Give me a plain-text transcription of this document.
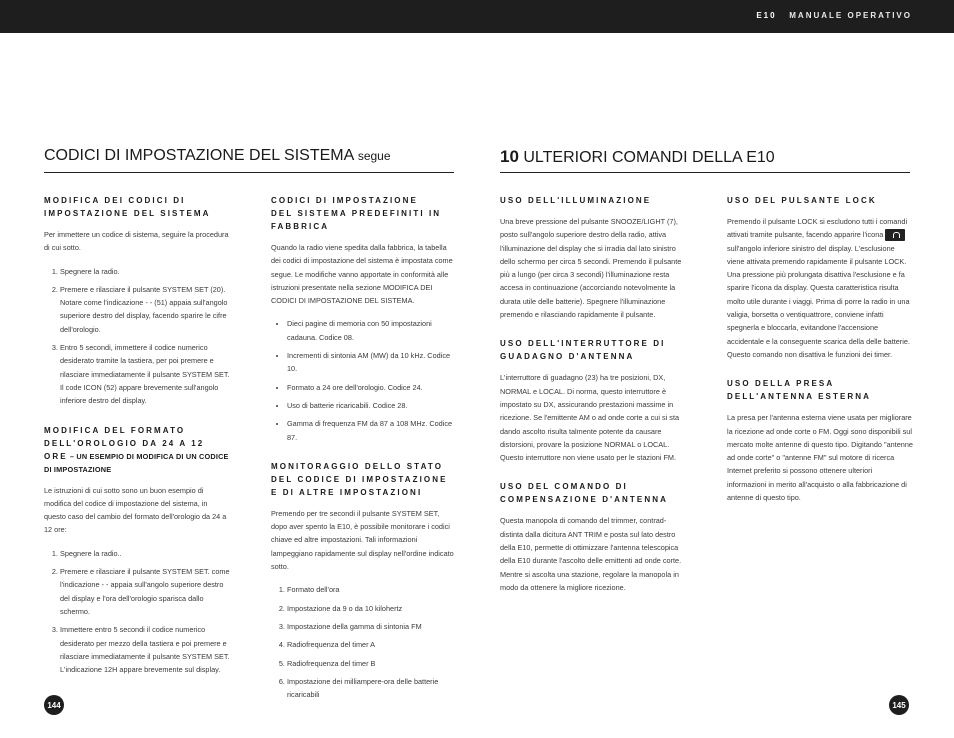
E10 MANUALE OPERATIVO
CODICI DI IMPOSTAZIONE DEL SISTEMA segue	10 ULTERIORI COMANDI DELLA E10
MODIFICA DEI CODICI DI
IMPOSTAZIONE DEL SISTEMA

Per immettere un codice di sistema, seguire la procedura di cui sotto.

1. Spegnere la radio.
2. Premere e rilasciare il pulsante SYSTEM SET (20). Notare come l'indicazione - - (51) appaia sull'angolo superiore destro del display, facendo sparire le cifre dell'orologio.
3. Entro 5 secondi, immettere il codice numerico desiderato tramite la tastiera, per poi premere e rilasciare immediatamente il pulsante SYSTEM SET. Il code ICON (52) appare brevemente sull'angolo inferiore destro del display.
MODIFICA DEL FORMATO
DELL'OROLOGIO DA 24 A 12
ORE – UN ESEMPIO DI MODIFICA DI UN CODICE DI IMPOSTAZIONE

Le istruzioni di cui sotto sono un buon esempio di modifica del codice di impostazione del sistema, in questo caso del cambio del formato dell'orologio da 24 a 12 ore:

1. Spegnere la radio..
2. Premere e rilasciare il pulsante SYSTEM SET. come l'indicazione - - appaia sull'angolo superiore destro del display e l'ora dell'orologio sparisca dallo schermo.
3. Immettere entro 5 secondi il codice numerico desiderato per mezzo della tastiera e poi premere e rilasciare immediatamente il pulsante SYSTEM SET. L'indicazione 12H appare brevemente sul display.
CODICI DI IMPOSTAZIONE
DEL SISTEMA PREDEFINITI IN
FABBRICA

Quando la radio viene spedita dalla fabbrica, la tabella dei codici di impostazione del sistema è impostata come segue. Le modifiche vanno apportate in conformità alle istruzioni presentate nella sezione MODIFICA DEI CODICI DI IMPOSTAZIONE DEL SISTEMA.

• Dieci pagine di memoria con 50 impostazioni cadauna. Codice 08.
• Incrementi di sintonia AM (MW) da 10 kHz. Codice 10.
• Formato a 24 ore dell'orologio. Codice 24.
• Uso di batterie ricaricabili. Codice 28.
• Gamma di frequenza FM da 87 a 108 MHz. Codice 87.
MONITORAGGIO DELLO STATO
DEL CODICE DI IMPOSTAZIONE
E DI ALTRE IMPOSTAZIONI

Premendo per tre secondi il pulsante SYSTEM SET, dopo aver spento la E10, è possibile monitorare i codici chiave ed altre impostazioni. Tali informazioni lampeggiano rapidamente sul display nell'ordine indicato sotto.

1. Formato dell'ora
2. Impostazione da 9 o da 10 kilohertz
3. Impostazione della gamma di sintonia FM
4. Radiofrequenza del timer A
5. Radiofrequenza del timer B
6. Impostazione dei milliampere-ora delle batterie ricaricabili
USO DELL'ILLUMINAZIONE

Una breve pressione del pulsante SNOOZE/LIGHT (7), posto sull'angolo superiore destro della radio, attiva l'illuminazione del display che si irradia dal lato sinistro dello schermo per circa 5 secondi. Premendo il pulsante più a lungo (per circa 3 secondi) l'illuminazione resta accesa in continuazione (accorciando notevolmente la durata utile delle batterie). Spegnere l'illuminazione premendo e rilasciando rapidamente il pulsante.

USO DELL'INTERRUTTORE DI
GUADAGNO D'ANTENNA

L'interruttore di guadagno (23) ha tre posizioni, DX, NORMAL e LOCAL. Di norma, questo interruttore è impostato su DX, assicurando prestazioni massime in ricezione. Se l'emittente AM o ad onde corte a cui si sta dando ascolto risulta talmente potente da causare distorsioni, provare la posizione NORMAL o LOCAL. Questo interruttore non viene usato per le stazioni FM.

USO DEL COMANDO DI
COMPENSAZIONE D'ANTENNA

Questa manopola di comando del trimmer, contrad-distinta dalla dicitura ANT TRIM e posta sul lato destro della E10, permette di ottimizzare l'antenna telescopica della E10 durante l'ascolto delle emittenti ad onde corte. Mentre si ascolta una stazione, regolare la manopola in modo da ottenere la migliore ricezione.

USO DEL PULSANTE LOCK

Premendo il pulsante LOCK si escludono tutti i comandi attivati tramite pulsante, facendo apparire l'icona  sull'angolo inferiore sinistro del display. L'esclusione viene attivata premendo rapidamente il pulsante LOCK. Una pressione più prolungata disattiva l'esclusione e fa sparire l'icona da display. Questa caratteristica risulta molto utile durante i viaggi. Prima di porre la radio in una valigia, borsetta o ventiquattrore, conviene infatti spegnerla e bloccarla, evitandone l'accensione accidentale e la conseguente scarica della delle batterie. Questo comando non disattiva le funzioni dei timer.

USO DELLA PRESA
DELL'ANTENNA ESTERNA

La presa per l'antenna esterna viene usata per migliorare la ricezione ad onde corte o FM. Oggi sono disponibili sul mercato molte antenne di questo tipo. Digitando "antenne ad onde corte" o "antenne FM" sul motore di ricerca Internet preferito si possono ottenere ulteriori informazioni in merito all'acquisto o alla fabbricazione di antenne di questo tipo.

144	145
